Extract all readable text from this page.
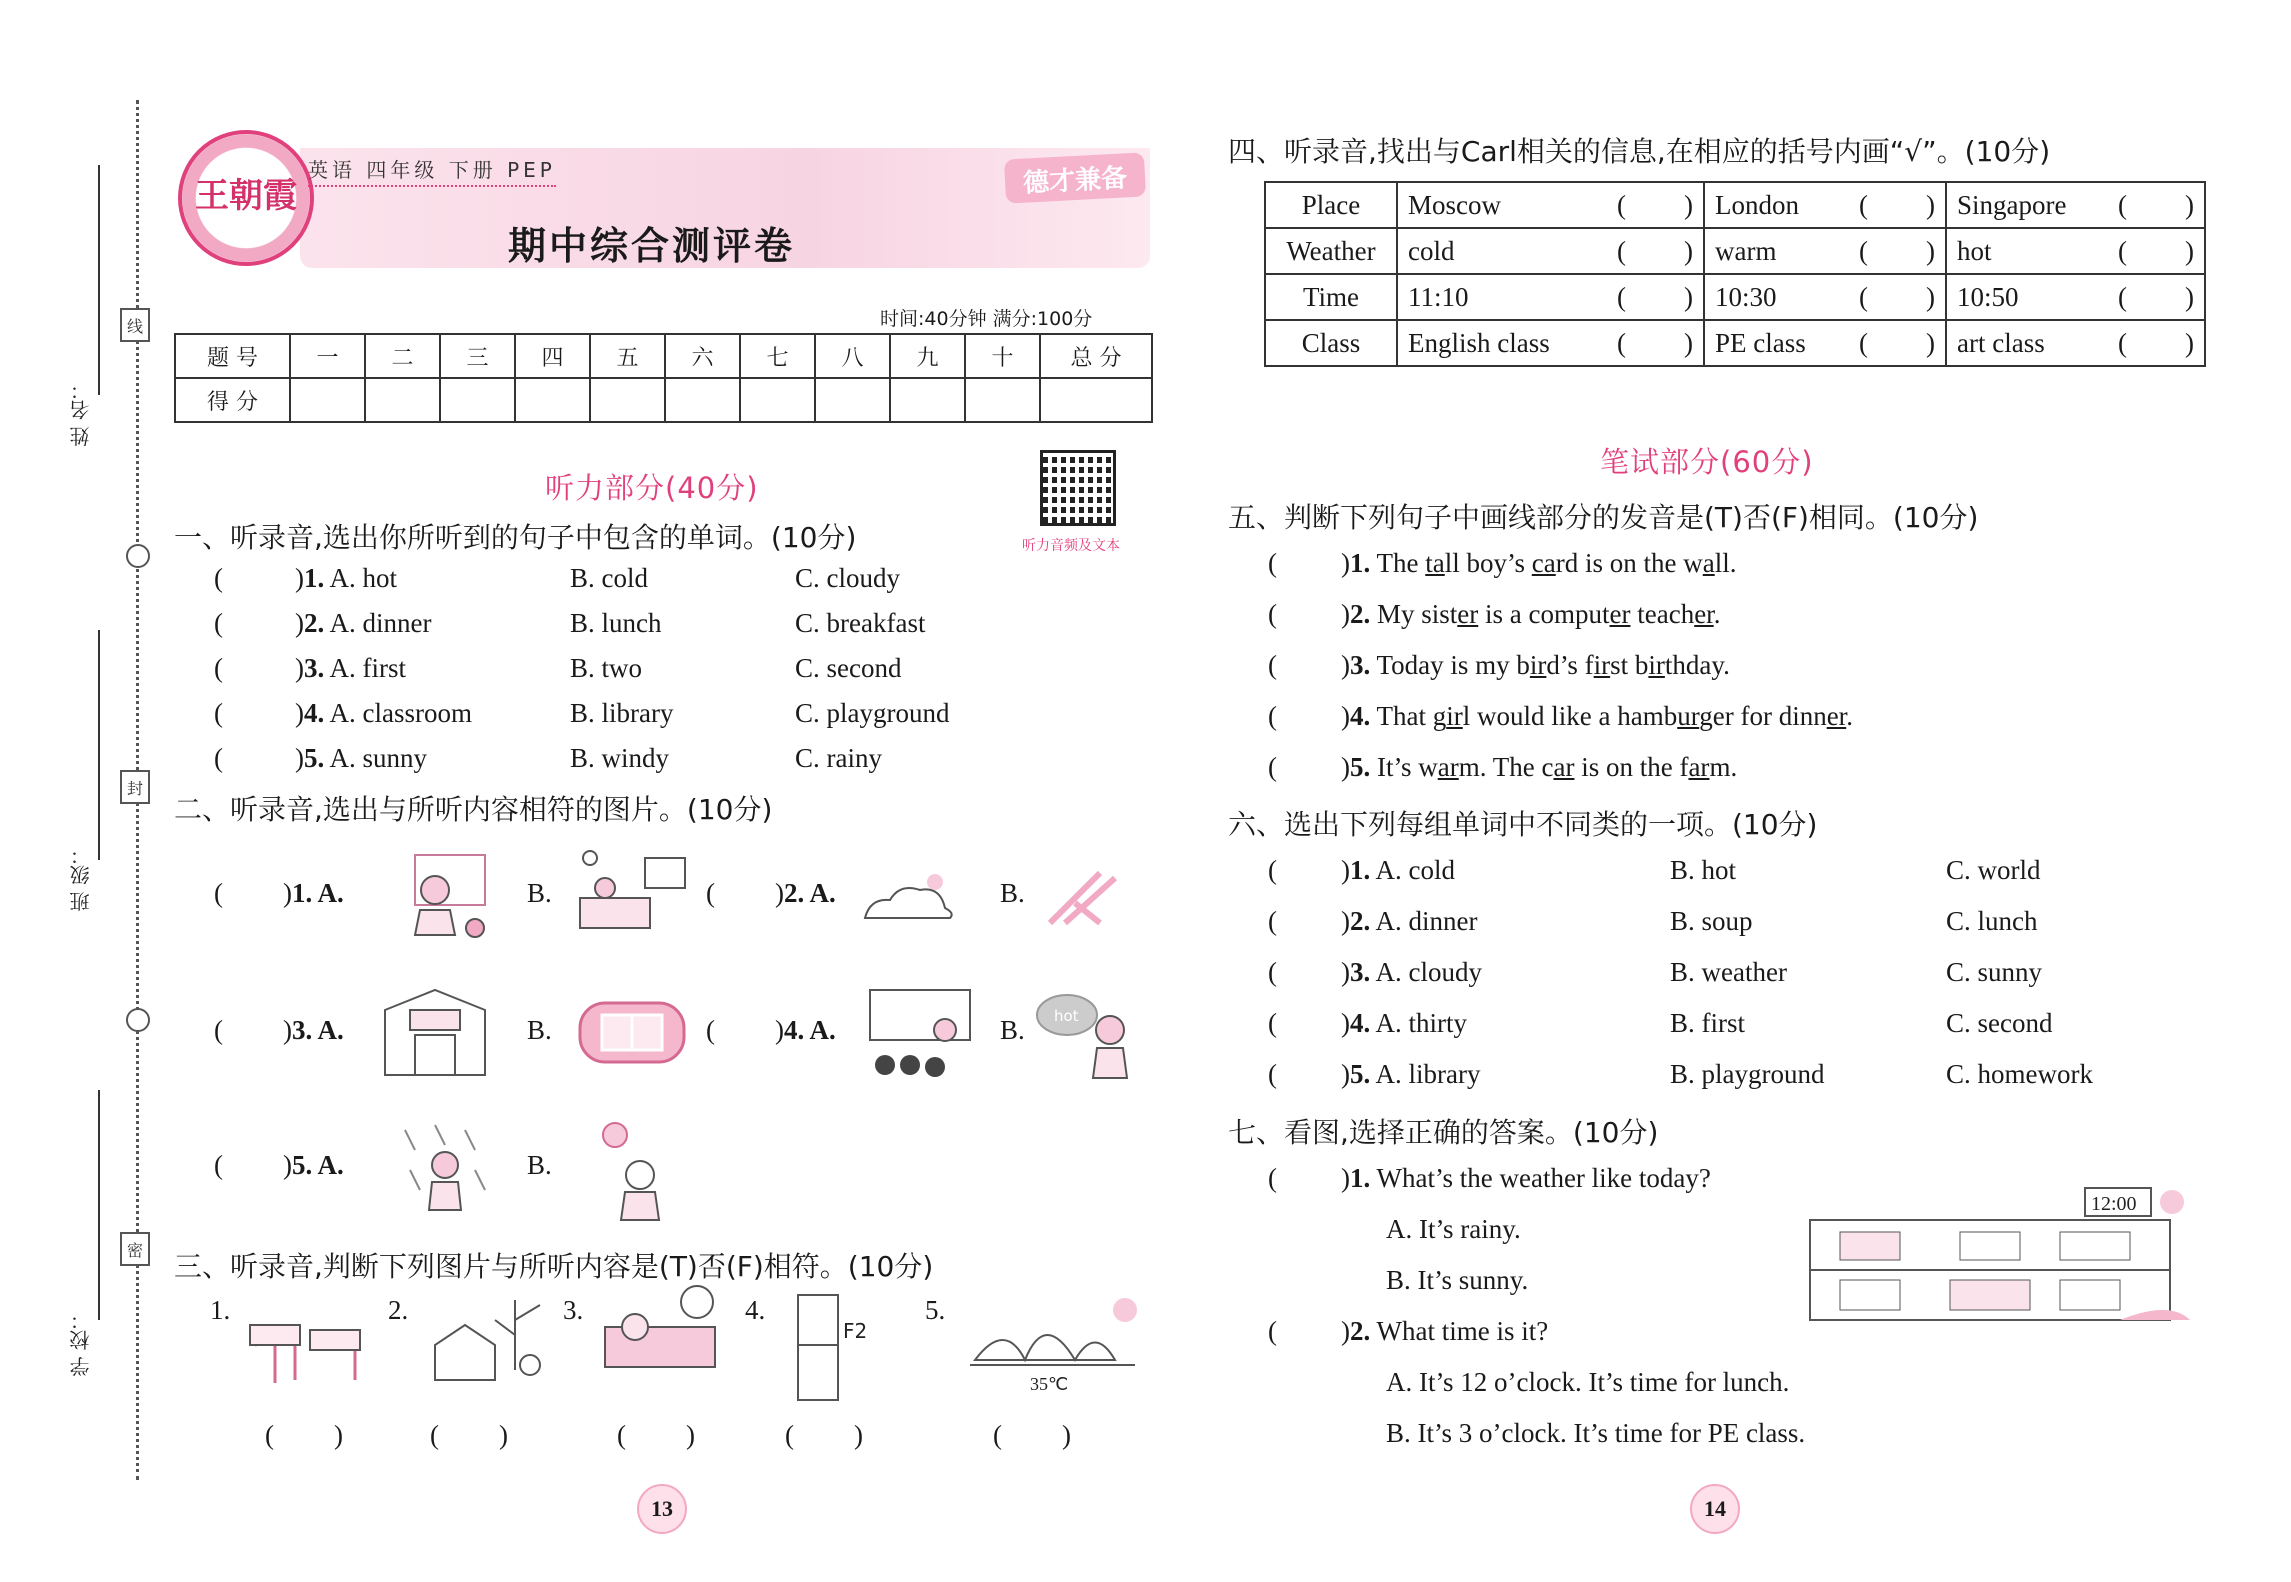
线
封
密
姓 名：
班 级：
学 校：
王朝霞
英语 四年级 下册 PEP	德才兼备
期中综合测评卷
时间:40分钟 满分:100分
题 号	一	二	三	四	五	六	七	八	九	十	总 分
得 分											
听力部分(40分)
听力音频及文本
一、听录音,选出你所听到的句子中包含的单词。(10分)
(	)1. A. hot	B. cold	C. cloudy
(	)2. A. dinner	B. lunch	C. breakfast
(	)3. A. first	B. two	C. second
(	)4. A. classroom	B. library	C. playground
(	)5. A. sunny	B. windy	C. rainy
二、听录音,选出与所听内容相符的图片。(10分)
( )1. A.	B.	( )2. A.	B.
( )3. A.	B.	( )4. A.	B. hot
( )5. A.	B.
三、听录音,判断下列图片与所听内容是(T)否(F)相符。(10分)
1.	2.	3.	4.
F2
5.
35℃
( )	( )	( )	( )	( )
13
四、听录音,找出与Carl相关的信息,在相应的括号内画“√”。(10分)
Place	Moscow ( )	London ( )	Singapore ( )

Weather	cold ( )	warm ( )	hot ( )

Time	11:10 ( )	10:30 ( )	10:50 ( )

Class	English class ( )	PE class ( )	art class ( )
笔试部分(60分)
五、判断下列句子中画线部分的发音是(T)否(F)相同。(10分)
( )1. The tall boy’s card is on the wall.
( )2. My sister is a computer teacher.
( )3. Today is my bird’s first birthday.
( )4. That girl would like a hamburger for dinner.
( )5. It’s warm. The car is on the farm.
六、选出下列每组单词中不同类的一项。(10分)
( )1. A. cold	B. hot	C. world
( )2. A. dinner	B. soup	C. lunch
( )3. A. cloudy	B. weather	C. sunny
( )4. A. thirty	B. first	C. second
( )5. A. library	B. playground	C. homework
七、看图,选择正确的答案。(10分)
( )1. What’s the weather like today?
A. It’s rainy.
B. It’s sunny.
( )2. What time is it?
A. It’s 12 o’clock. It’s time for lunch.
B. It’s 3 o’clock. It’s time for PE class.
12:00
14
